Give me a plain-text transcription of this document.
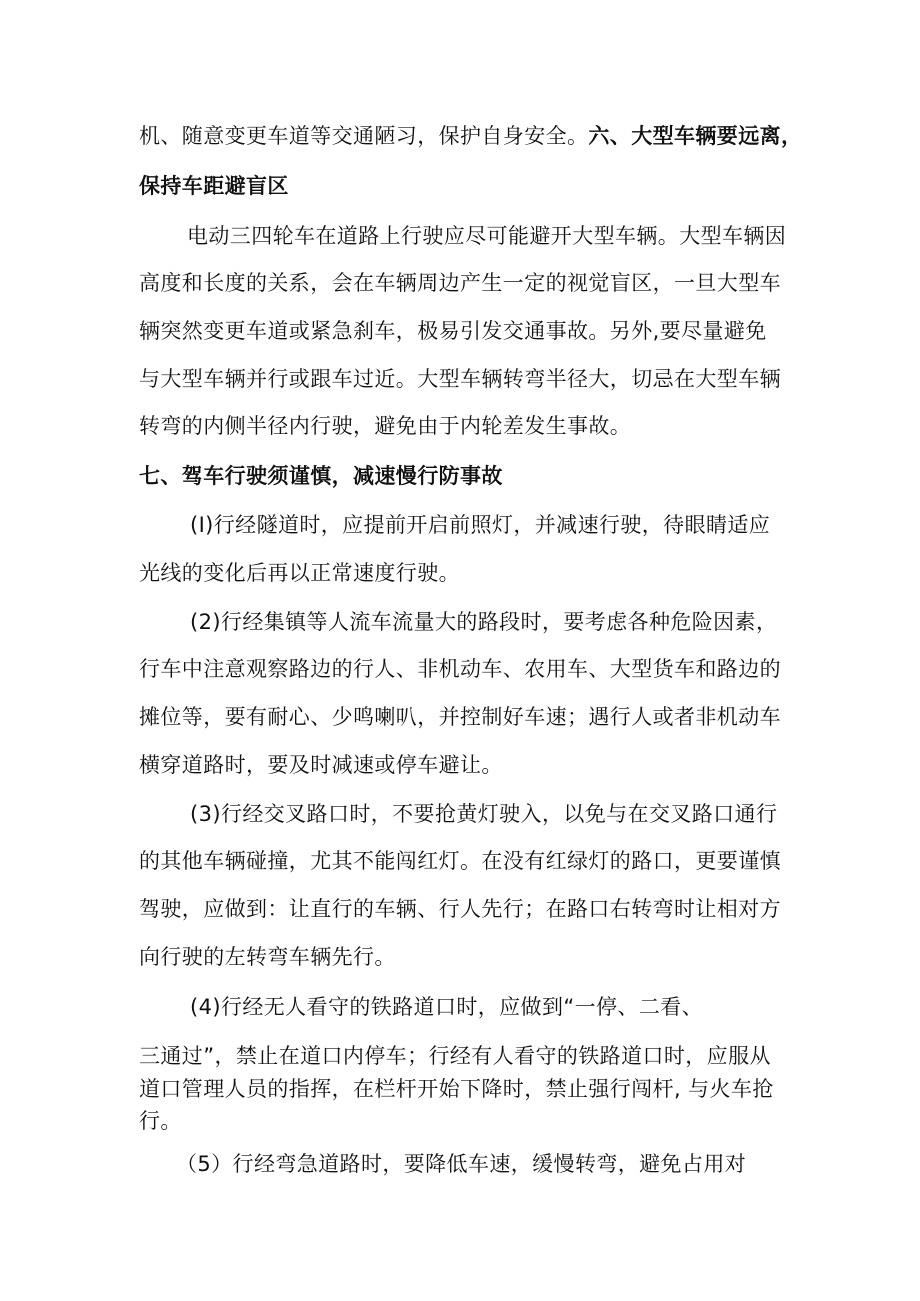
机、随意变更车道等交通陋习，保护自身安全。六、大型车辆要远离，
保持车距避盲区
电动三四轮车在道路上行驶应尽可能避开大型车辆。大型车辆因
高度和长度的关系，会在车辆周边产生一定的视觉盲区，一旦大型车
辆突然变更车道或紧急刹车，极易引发交通事故。另外,要尽量避免
与大型车辆并行或跟车过近。大型车辆转弯半径大，切忌在大型车辆
转弯的内侧半径内行驶，避免由于内轮差发生事故。
七、驾车行驶须谨慎，减速慢行防事故
(I)行经隧道时，应提前开启前照灯，并减速行驶，待眼睛适应
光线的变化后再以正常速度行驶。
(2)行经集镇等人流车流量大的路段时，要考虑各种危险因素，
行车中注意观察路边的行人、非机动车、农用车、大型货车和路边的
摊位等，要有耐心、少鸣喇叭，并控制好车速；遇行人或者非机动车
横穿道路时，要及时减速或停车避让。
(3)行经交叉路口时，不要抢黄灯驶入，以免与在交叉路口通行
的其他车辆碰撞，尤其不能闯红灯。在没有红绿灯的路口，更要谨慎
驾驶，应做到：让直行的车辆、行人先行；在路口右转弯时让相对方
向行驶的左转弯车辆先行。
(4)行经无人看守的铁路道口时，应做到“一停、二看、
三通过”，禁止在道口内停车；行经有人看守的铁路道口时，应服从
道口管理人员的指挥，在栏杆开始下降时，禁止强行闯杆, 与火车抢
行。
（5）行经弯急道路时，要降低车速，缓慢转弯，避免占用对
